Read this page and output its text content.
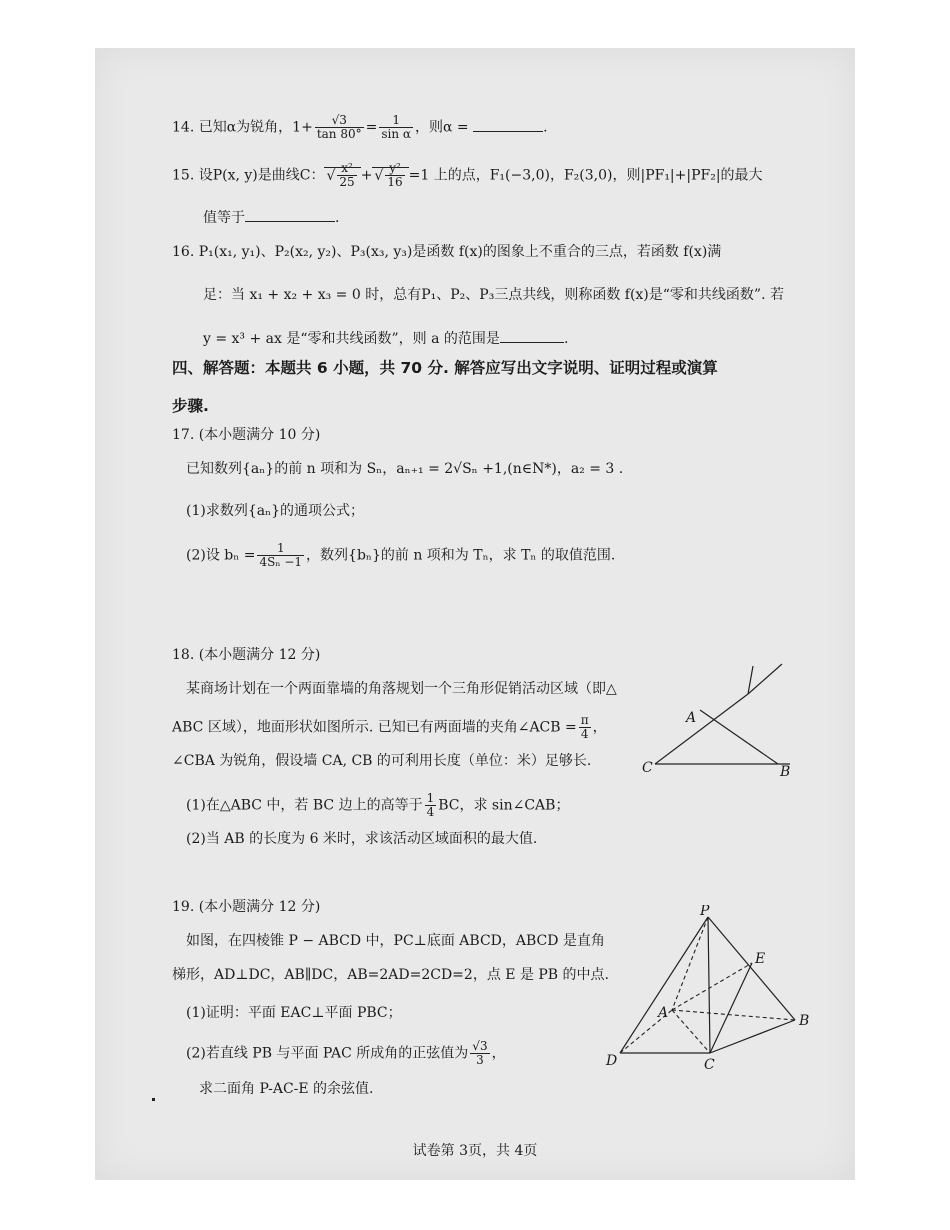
14. 已知α为锐角，$1+ \frac{√3}{\tan 80^\circ} = \frac{1}{\text{sin α}}$ ，则α =	.
15. 设P(x, y)是曲线C： √ $\frac{\text{x²}}{25}$ + √ $\frac{\text{y²}}{16} =1$ 上的点，F₁(−3,0)，F₂(3,0)，则|PF₁|+|PF₂|的最大
值等于	.
16. P₁(x₁, y₁)、P₂(x₂, y₂)、P₃(x₃, y₃)是函数 f(x)的图象上不重合的三点，若函数 f(x)满
足：当 x₁ + x₂ + x₃ = 0 时，总有P₁、P₂、P₃三点共线，则称函数 f(x)是“零和共线函数”. 若
y = x³ + ax 是“零和共线函数”，则 a 的范围是	.
四、解答题：本题共 6 小题，共 70 分. 解答应写出文字说明、证明过程或演算
步骤.
17. (本小题满分 10 分)
已知数列{aₙ}的前 n 项和为 Sₙ，aₙ₊₁ = 2√Sₙ +1,(n∈N*)，a₂ = 3 .
(1)求数列{aₙ}的通项公式；
(2)设 $b_n = \frac{1}{\text{4Sₙ −1}}$ ，数列{bₙ}的前 n 项和为 Tₙ，求 Tₙ 的取值范围.
18. (本小题满分 12 分)
某商场计划在一个两面靠墙的角落规划一个三角形促销活动区域（即△
ABC 区域），地面形状如图所示. 已知已有两面墙的夹角∠ACB = $\frac{\pi}{4}$ ，
∠CBA 为锐角，假设墙 CA, CB 的可利用长度（单位：米）足够长.
(1)在△ABC 中，若 BC 边上的高等于 $\frac{1}{4}$ BC，求 sin∠CAB；
(2)当 AB 的长度为 6 米时，求该活动区域面积的最大值.
A
B
C
19. (本小题满分 12 分)
如图，在四棱锥 P − ABCD 中，PC⊥底面 ABCD，ABCD 是直角
梯形，AD⊥DC，AB∥DC，AB=2AD=2CD=2，点 E 是 PB 的中点.
(1)证明：平面 EAC⊥平面 PBC；
(2)若直线 PB 与平面 PAC 所成角的正弦值为 $\frac{√3}{3}$ ，
求二面角 P-AC-E 的余弦值.
P
E
A	B
C
D
试卷第 3页，共 4页
